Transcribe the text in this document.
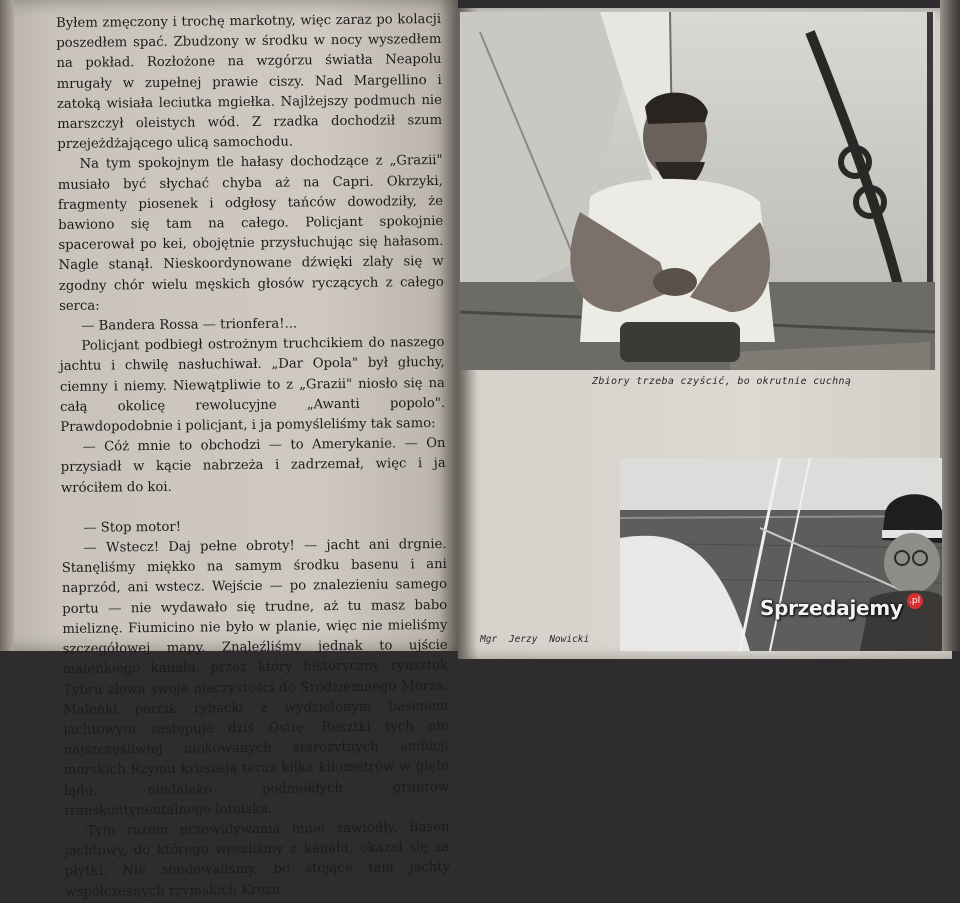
Byłem zmęczony i trochę markotny, więc zaraz po kolacji poszedłem spać. Zbudzony w środku w nocy wyszedłem na pokład. Rozłożone na wzgórzu światła Neapolu mrugały w zupełnej prawie ciszy. Nad Margellino i zatoką wisiała leciutka mgiełka. Najlżejszy podmuch nie marszczył oleistych wód. Z rzadka dochodził szum przejeżdżającego ulicą samochodu.

Na tym spokojnym tle hałasy dochodzące z „Grazii" musiało być słychać chyba aż na Capri. Okrzyki, fragmenty piosenek i odgłosy tańców dowodziły, że bawiono się tam na całego. Policjant spokojnie spacerował po kei, obojętnie przysłuchując się hałasom. Nagle stanął. Nieskoordynowane dźwięki zlały się w zgodny chór wielu męskich głosów ryczących z całego serca:

— Bandera Rossa — trionfera!...

Policjant podbiegł ostrożnym truchcikiem do naszego jachtu i chwilę nasłuchiwał. „Dar Opola" był głuchy, ciemny i niemy. Niewątpliwie to z „Grazii" niosło się na całą okolicę rewolucyjne „Awanti popolo". Prawdopodobnie i policjant, i ja pomyśleliśmy tak samo:

— Cóż mnie to obchodzi — to Amerykanie. — On przysiadł w kącie nabrzeża i zadrzemał, więc i ja wróciłem do koi.

— Stop motor!

— Wstecz! Daj pełne obroty! — jacht ani drgnie. Stanęliśmy miękko na samym środku basenu i ani naprzód, ani wstecz. Wejście — po znalezieniu samego portu — nie wydawało się trudne, aż tu masz babo mieliznę. Fiumicino nie było w planie, więc nie mieliśmy szczegółowej mapy. Znaleźliśmy jednak to ujście maleńkiego kanału, przez który historyczny rynsztok Tybru zlewa swoje nieczystości do Śródziemnego Morza. Maleńki porcik rybacki z wydzielonym basenem jachtowym zastępuje dziś Ostię. Resztki tych nie najszczęśliwiej ulokowanych starożytnych ambicji morskich Rzymu kruszeją teraz kilka kilometrów w głębi lądu, niedaleko podmokłych gruntów transkontynentalnego lotniska.

Tym razem przewidywania mnie zawiodły. Basen jachtowy, do którego weszliśmy z kanału, okazał się za płytki. Nie sondowaliśmy, bo stojące tam jachty współczesnych rzymskich Krezu-

Zbiory trzeba czyścić, bo okrutnie cuchną
Mgr Jerzy Nowicki
Sprzedajemy .pl
